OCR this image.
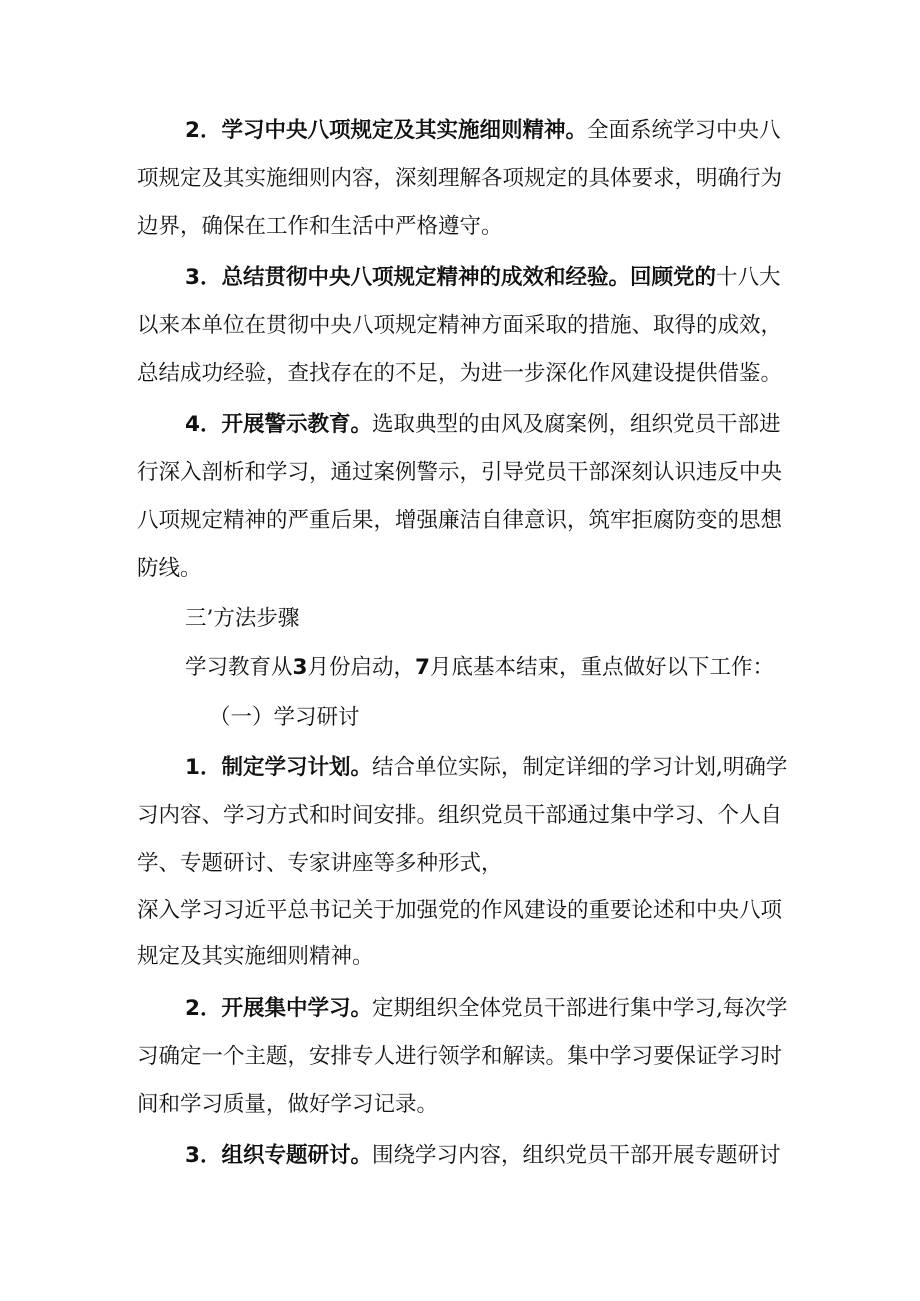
2．学习中央八项规定及其实施细则精神。全面系统学习中央八
项规定及其实施细则内容，深刻理解各项规定的具体要求，明确行为
边界，确保在工作和生活中严格遵守。
3．总结贯彻中央八项规定精神的成效和经验。回顾党的十八大
以来本单位在贯彻中央八项规定精神方面采取的措施、取得的成效，
总结成功经验，查找存在的不足，为进一步深化作风建设提供借鉴。
4．开展警示教育。选取典型的由风及腐案例，组织党员干部进
行深入剖析和学习，通过案例警示，引导党员干部深刻认识违反中央
八项规定精神的严重后果，增强廉洁自律意识，筑牢拒腐防变的思想
防线。
三’方法步骤
学习教育从3月份启动，7月底基本结束，重点做好以下工作：
（一）学习研讨
1．制定学习计划。结合单位实际，制定详细的学习计划,明确学
习内容、学习方式和时间安排。组织党员干部通过集中学习、个人自
学、专题研讨、专家讲座等多种形式，
深入学习习近平总书记关于加强党的作风建设的重要论述和中央八项
规定及其实施细则精神。
2．开展集中学习。定期组织全体党员干部进行集中学习,每次学
习确定一个主题，安排专人进行领学和解读。集中学习要保证学习时
间和学习质量，做好学习记录。
3．组织专题研讨。围绕学习内容，组织党员干部开展专题研讨
